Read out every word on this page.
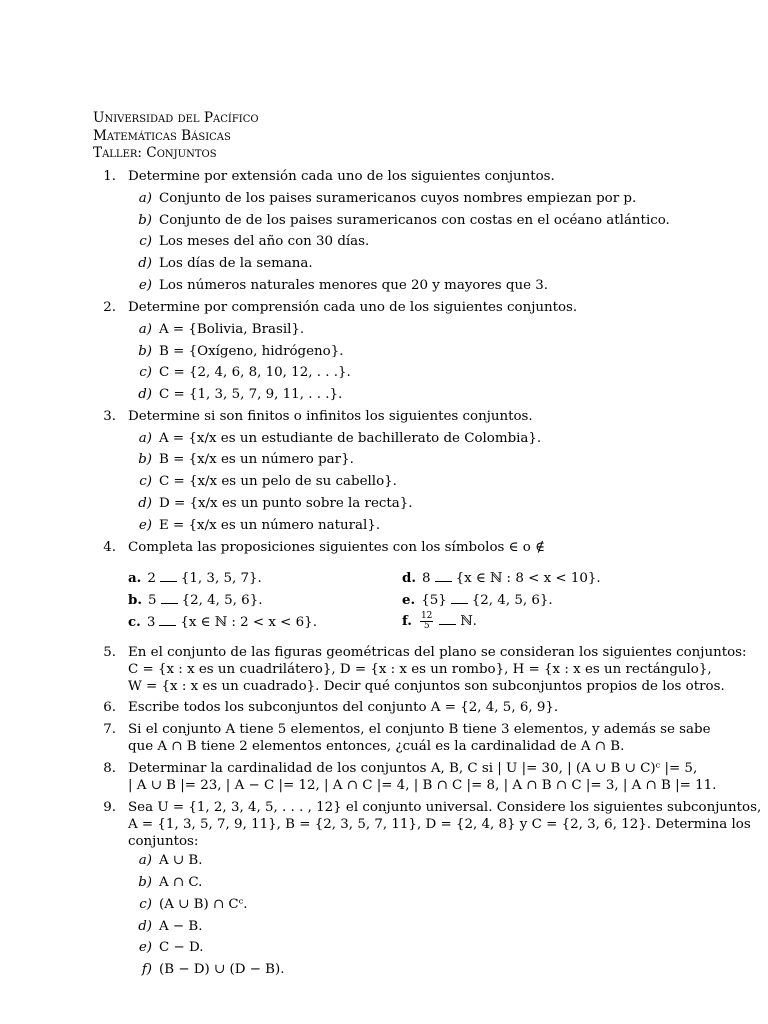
Universidad del Pacífico
Matemáticas Básicas
Taller: Conjuntos
1. Determine por extensión cada uno de los siguientes conjuntos.
a) Conjunto de los paises suramericanos cuyos nombres empiezan por p.
b) Conjunto de de los paises suramericanos con costas en el océano atlántico.
c) Los meses del año con 30 días.
d) Los días de la semana.
e) Los números naturales menores que 20 y mayores que 3.
2. Determine por comprensión cada uno de los siguientes conjuntos.
a) A = {Bolivia, Brasil}.
b) B = {Oxígeno, hidrógeno}.
c) C = {2, 4, 6, 8, 10, 12, . . .}.
d) C = {1, 3, 5, 7, 9, 11, . . .}.
3. Determine si son finitos o infinitos los siguientes conjuntos.
a) A = {x/x es un estudiante de bachillerato de Colombia}.
b) B = {x/x es un número par}.
c) C = {x/x es un pelo de su cabello}.
d) D = {x/x es un punto sobre la recta}.
e) E = {x/x es un número natural}.
4. Completa las proposiciones siguientes con los símbolos ∈ o ∉
a. 2 {1, 3, 5, 7}.
b. 5 {2, 4, 5, 6}.
c. 3 {x ∈ ℕ : 2 < x < 6}.
d. 8 {x ∈ ℕ : 8 < x < 10}.
e. {5} {2, 4, 5, 6}.
f. $\frac{12}{5}$ ℕ.
5. En el conjunto de las figuras geométricas del plano se consideran los siguientes conjuntos:
C = {x : x es un cuadrilátero}, D = {x : x es un rombo}, H = {x : x es un rectángulo},
W = {x : x es un cuadrado}. Decir qué conjuntos son subconjuntos propios de los otros.
6. Escribe todos los subconjuntos del conjunto A = {2, 4, 5, 6, 9}.
7. Si el conjunto A tiene 5 elementos, el conjunto B tiene 3 elementos, y además se sabe
que A ∩ B tiene 2 elementos entonces, ¿cuál es la cardinalidad de A ∩ B.
8. Determinar la cardinalidad de los conjuntos A, B, C si | U |= 30, | (A ∪ B ∪ C)ᶜ |= 5,
| A ∪ B |= 23, | A − C |= 12, | A ∩ C |= 4, | B ∩ C |= 8, | A ∩ B ∩ C |= 3, | A ∩ B |= 11.
9. Sea U = {1, 2, 3, 4, 5, . . . , 12} el conjunto universal. Considere los siguientes subconjuntos,
A = {1, 3, 5, 7, 9, 11}, B = {2, 3, 5, 7, 11}, D = {2, 4, 8} y C = {2, 3, 6, 12}. Determina los
conjuntos:
a) A ∪ B.
b) A ∩ C.
c) (A ∪ B) ∩ Cᶜ.
d) A − B.
e) C − D.
f) (B − D) ∪ (D − B).
